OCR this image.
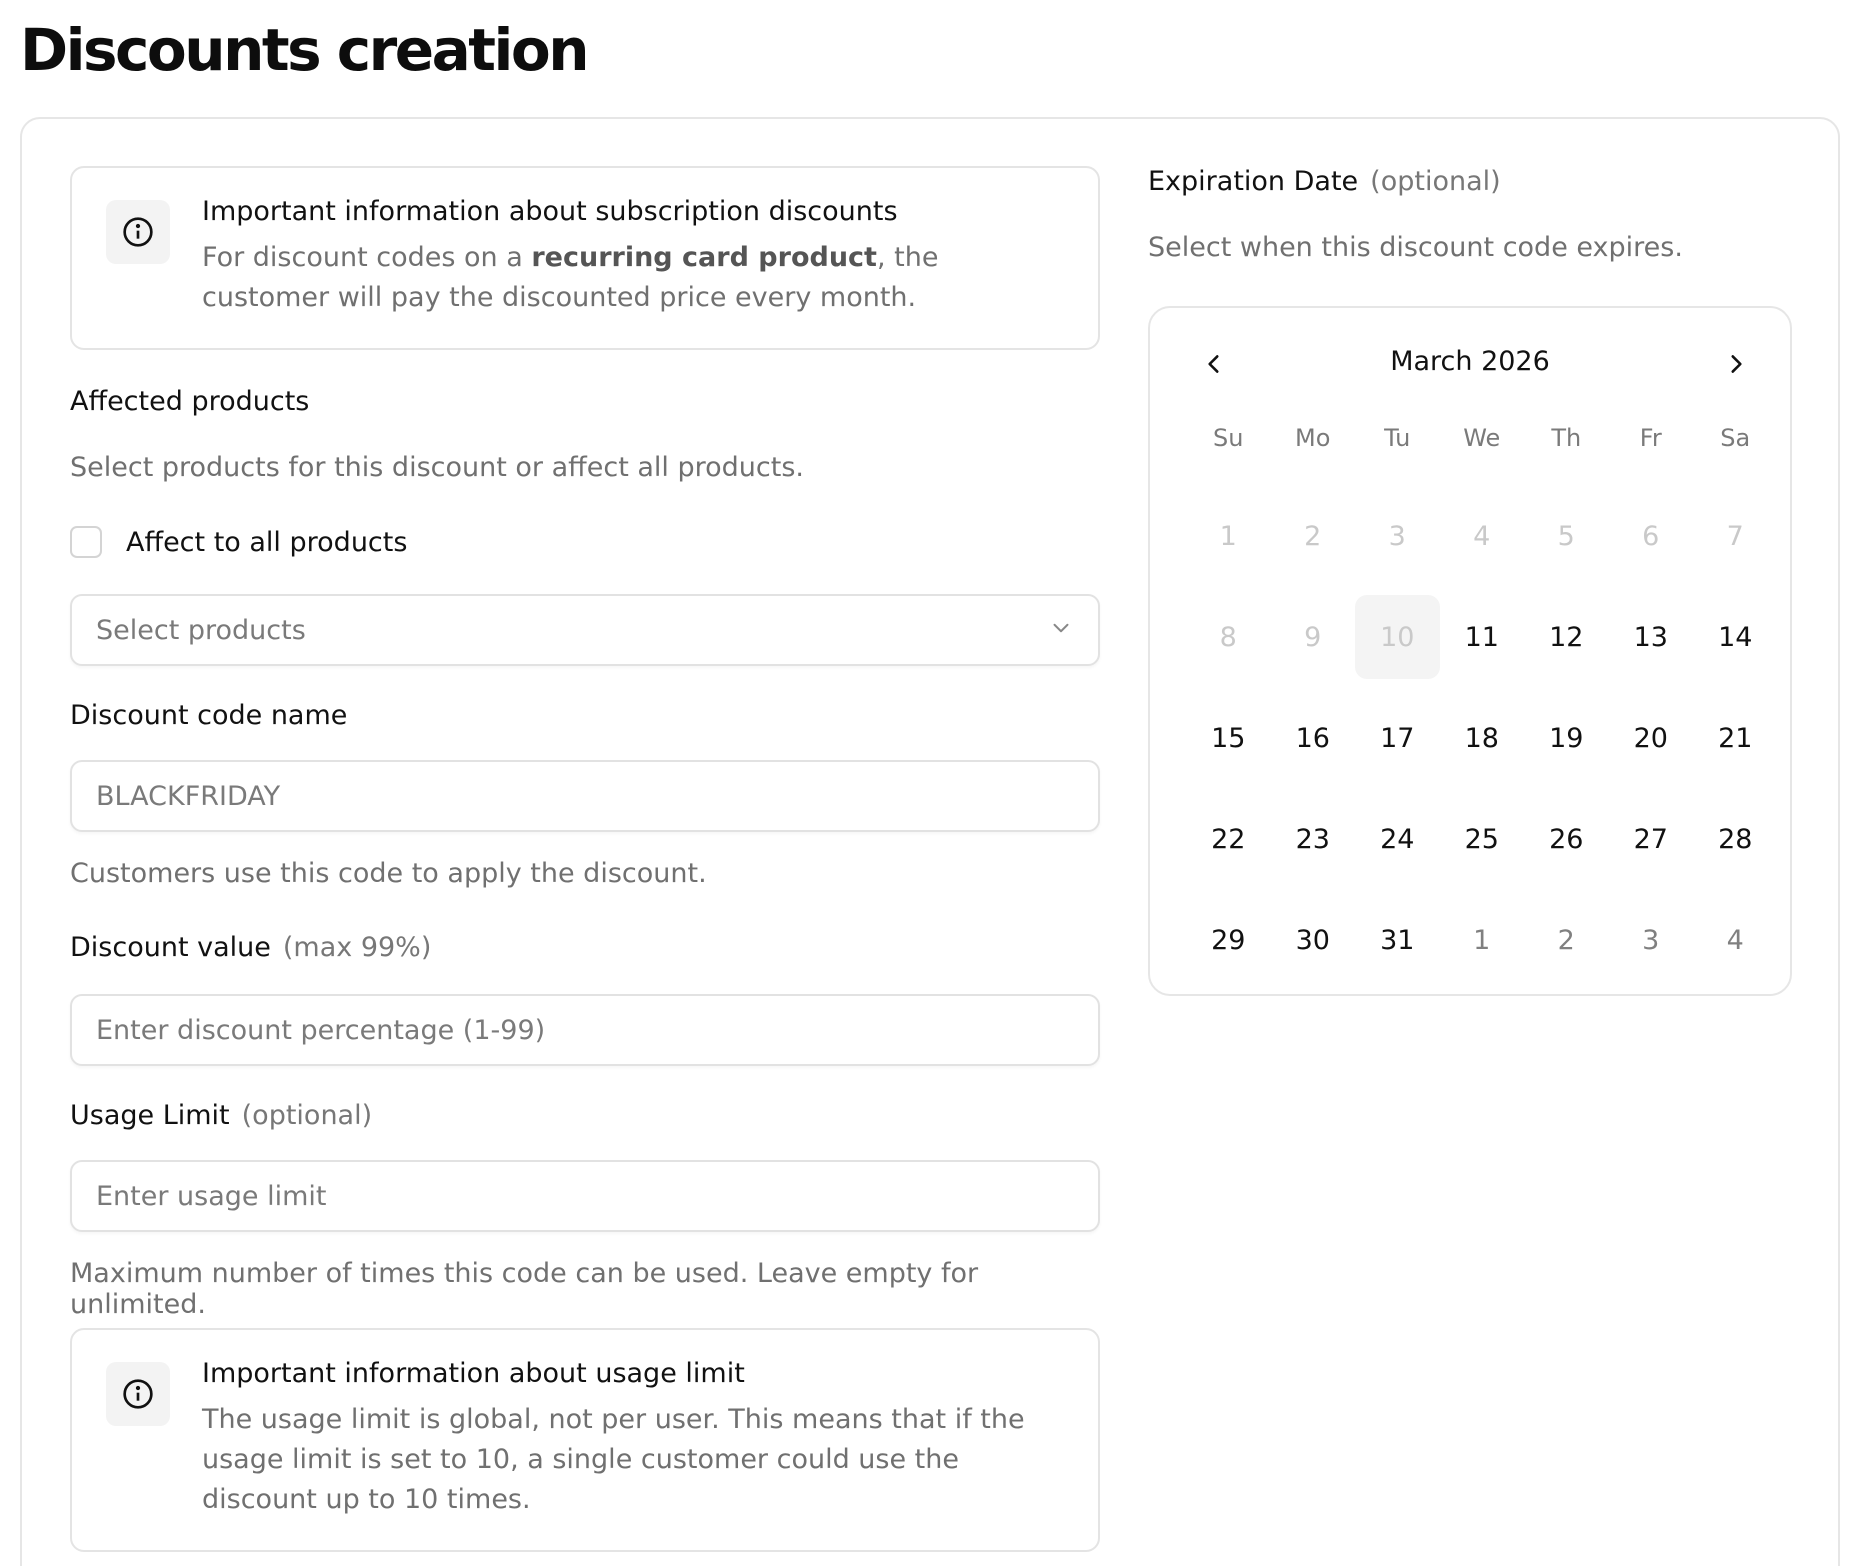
Discounts creation
Important information about subscription discounts
For discount codes on a recurring card product, the customer will pay the discounted price every month.
Affected products
Select products for this discount or affect all products.
Affect to all products
Select products
Discount code name
BLACKFRIDAY
Customers use this code to apply the discount.
Discount value (max 99%)
Enter discount percentage (1-99)
Usage Limit (optional)
Enter usage limit
Maximum number of times this code can be used. Leave empty for unlimited.
Important information about usage limit
The usage limit is global, not per user. This means that if the usage limit is set to 10, a single customer could use the discount up to 10 times.
Expiration Date (optional)
Select when this discount code expires.
March 2026
Su	Mo	Tu	We	Th	Fr	Sa
1	2	3	4	5	6	7
8	9	10	11	12	13	14
15	16	17	18	19	20	21
22	23	24	25	26	27	28
29	30	31	1	2	3	4
